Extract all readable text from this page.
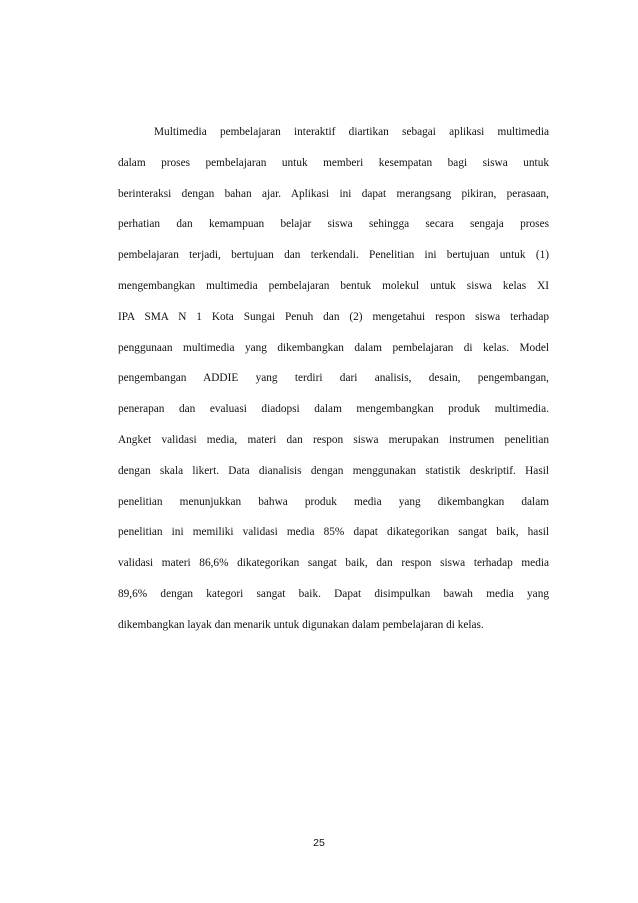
Multimedia pembelajaran interaktif diartikan sebagai aplikasi multimedia
dalam proses pembelajaran untuk memberi kesempatan bagi siswa untuk
berinteraksi dengan bahan ajar. Aplikasi ini dapat merangsang pikiran, perasaan,
perhatian dan kemampuan belajar siswa sehingga secara sengaja proses
pembelajaran terjadi, bertujuan dan terkendali. Penelitian ini bertujuan untuk (1)
mengembangkan multimedia pembelajaran bentuk molekul untuk siswa kelas XI
IPA SMA N 1 Kota Sungai Penuh dan (2) mengetahui respon siswa terhadap
penggunaan multimedia yang dikembangkan dalam pembelajaran di kelas. Model
pengembangan ADDIE yang terdiri dari analisis, desain, pengembangan,
penerapan dan evaluasi diadopsi dalam mengembangkan produk multimedia.
Angket validasi media, materi dan respon siswa merupakan instrumen penelitian
dengan skala likert. Data dianalisis dengan menggunakan statistik deskriptif. Hasil
penelitian menunjukkan bahwa produk media yang dikembangkan dalam
penelitian ini memiliki validasi media 85% dapat dikategorikan sangat baik, hasil
validasi materi 86,6% dikategorikan sangat baik, dan respon siswa terhadap media
89,6% dengan kategori sangat baik. Dapat disimpulkan bawah media yang
dikembangkan layak dan menarik untuk digunakan dalam pembelajaran di kelas.

25
